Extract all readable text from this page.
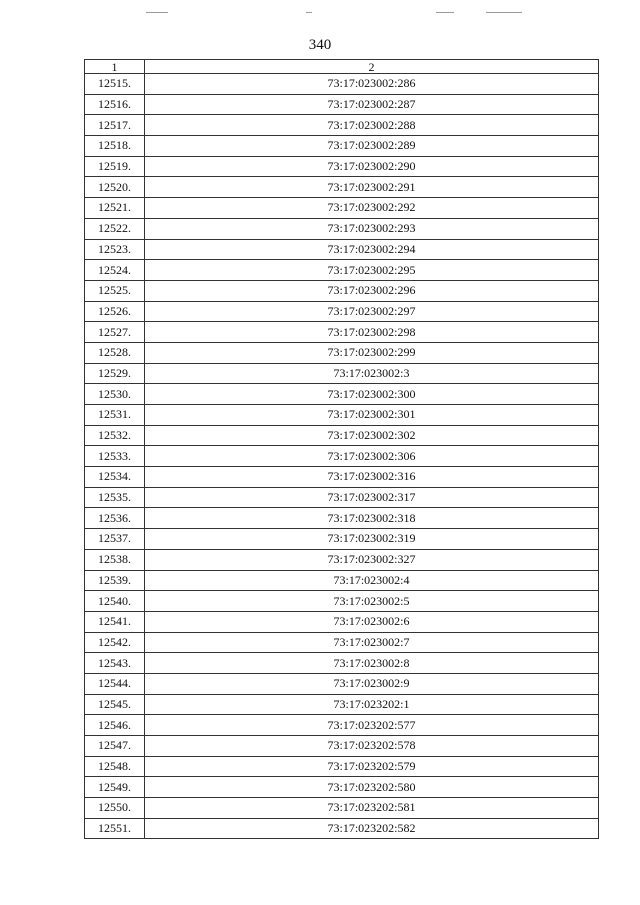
340
1	2
12515.	73:17:023002:286
12516.	73:17:023002:287
12517.	73:17:023002:288
12518.	73:17:023002:289
12519.	73:17:023002:290
12520.	73:17:023002:291
12521.	73:17:023002:292
12522.	73:17:023002:293
12523.	73:17:023002:294
12524.	73:17:023002:295
12525.	73:17:023002:296
12526.	73:17:023002:297
12527.	73:17:023002:298
12528.	73:17:023002:299
12529.	73:17:023002:3
12530.	73:17:023002:300
12531.	73:17:023002:301
12532.	73:17:023002:302
12533.	73:17:023002:306
12534.	73:17:023002:316
12535.	73:17:023002:317
12536.	73:17:023002:318
12537.	73:17:023002:319
12538.	73:17:023002:327
12539.	73:17:023002:4
12540.	73:17:023002:5
12541.	73:17:023002:6
12542.	73:17:023002:7
12543.	73:17:023002:8
12544.	73:17:023002:9
12545.	73:17:023202:1
12546.	73:17:023202:577
12547.	73:17:023202:578
12548.	73:17:023202:579
12549.	73:17:023202:580
12550.	73:17:023202:581
12551.	73:17:023202:582
